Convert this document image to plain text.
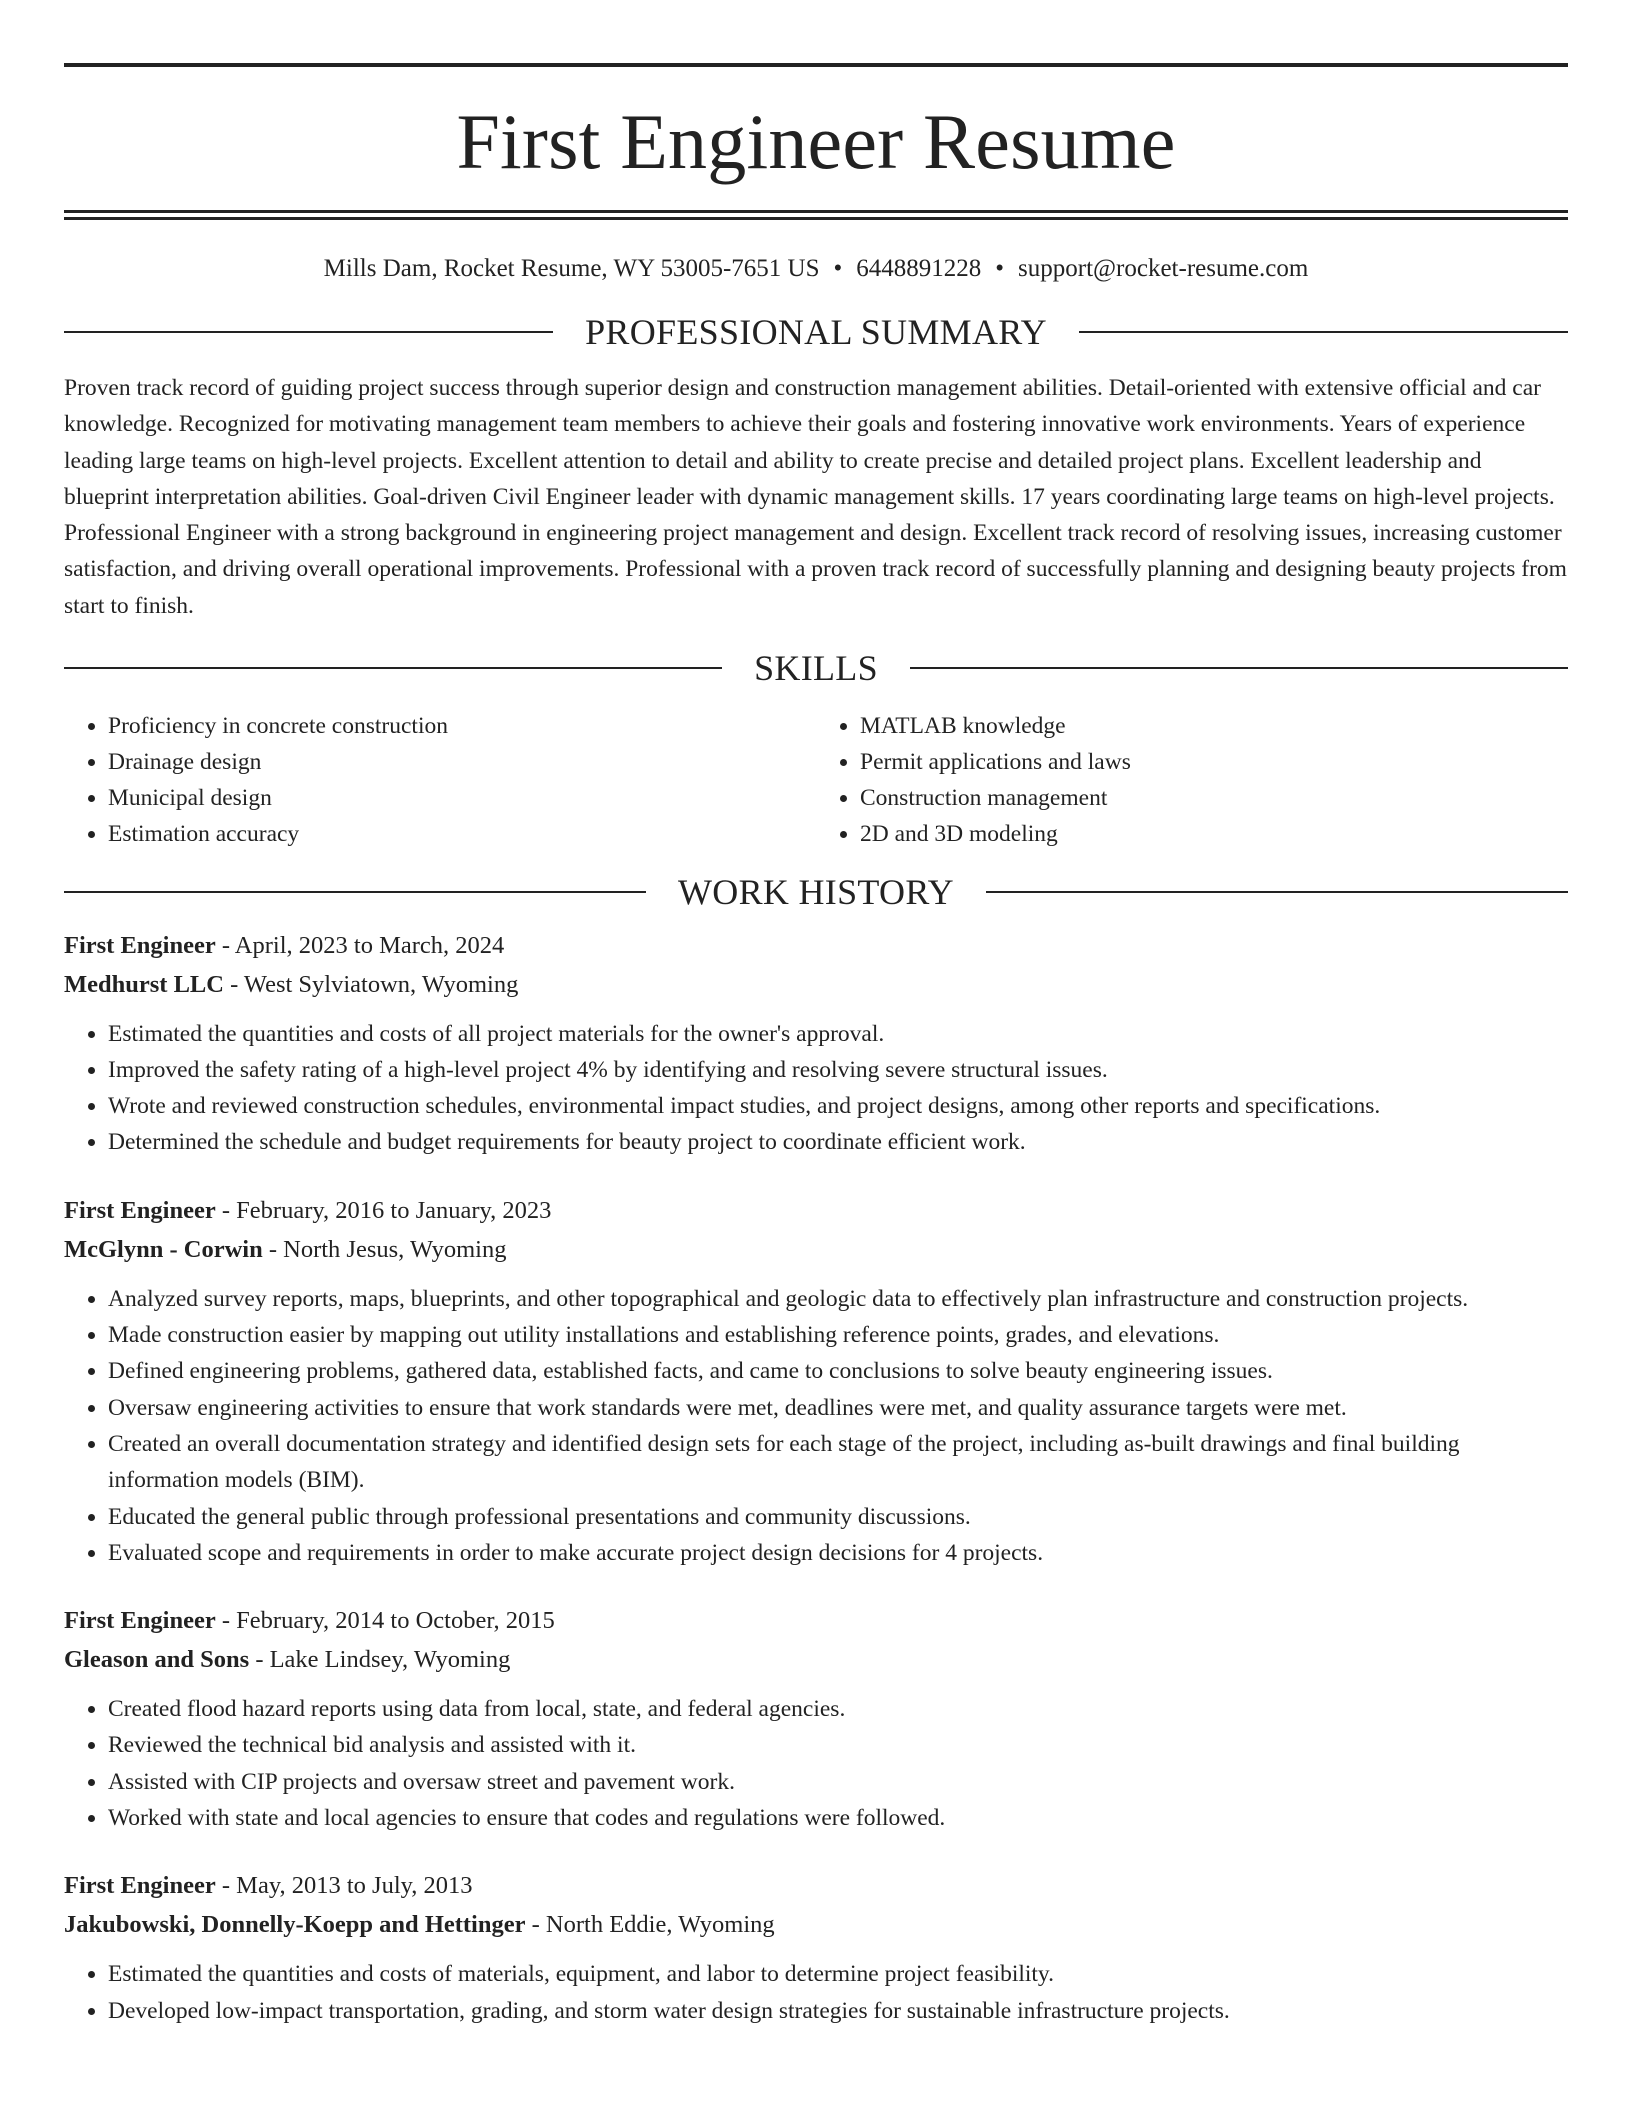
First Engineer Resume
Mills Dam, Rocket Resume, WY 53005-7651 US • 6448891228 • support@rocket-resume.com
PROFESSIONAL SUMMARY

Proven track record of guiding project success through superior design and construction management abilities. Detail-oriented with extensive official and car knowledge. Recognized for motivating management team members to achieve their goals and fostering innovative work environments. Years of experience leading large teams on high-level projects. Excellent attention to detail and ability to create precise and detailed project plans. Excellent leadership and blueprint interpretation abilities. Goal-driven Civil Engineer leader with dynamic management skills. 17 years coordinating large teams on high-level projects. Professional Engineer with a strong background in engineering project management and design. Excellent track record of resolving issues, increasing customer satisfaction, and driving overall operational improvements. Professional with a proven track record of successfully planning and designing beauty projects from start to finish.

SKILLS
• Proficiency in concrete construction
• Drainage design
• Municipal design
• Estimation accuracy
• MATLAB knowledge
• Permit applications and laws
• Construction management
• 2D and 3D modeling
WORK HISTORY
First Engineer - April, 2023 to March, 2024
Medhurst LLC - West Sylviatown, Wyoming
• Estimated the quantities and costs of all project materials for the owner's approval.
• Improved the safety rating of a high-level project 4% by identifying and resolving severe structural issues.
• Wrote and reviewed construction schedules, environmental impact studies, and project designs, among other reports and specifications.
• Determined the schedule and budget requirements for beauty project to coordinate efficient work.
First Engineer - February, 2016 to January, 2023
McGlynn - Corwin - North Jesus, Wyoming
• Analyzed survey reports, maps, blueprints, and other topographical and geologic data to effectively plan infrastructure and construction projects.
• Made construction easier by mapping out utility installations and establishing reference points, grades, and elevations.
• Defined engineering problems, gathered data, established facts, and came to conclusions to solve beauty engineering issues.
• Oversaw engineering activities to ensure that work standards were met, deadlines were met, and quality assurance targets were met.
• Created an overall documentation strategy and identified design sets for each stage of the project, including as-built drawings and final building information models (BIM).
• Educated the general public through professional presentations and community discussions.
• Evaluated scope and requirements in order to make accurate project design decisions for 4 projects.
First Engineer - February, 2014 to October, 2015
Gleason and Sons - Lake Lindsey, Wyoming
• Created flood hazard reports using data from local, state, and federal agencies.
• Reviewed the technical bid analysis and assisted with it.
• Assisted with CIP projects and oversaw street and pavement work.
• Worked with state and local agencies to ensure that codes and regulations were followed.
First Engineer - May, 2013 to July, 2013
Jakubowski, Donnelly-Koepp and Hettinger - North Eddie, Wyoming
• Estimated the quantities and costs of materials, equipment, and labor to determine project feasibility.
• Developed low-impact transportation, grading, and storm water design strategies for sustainable infrastructure projects.
